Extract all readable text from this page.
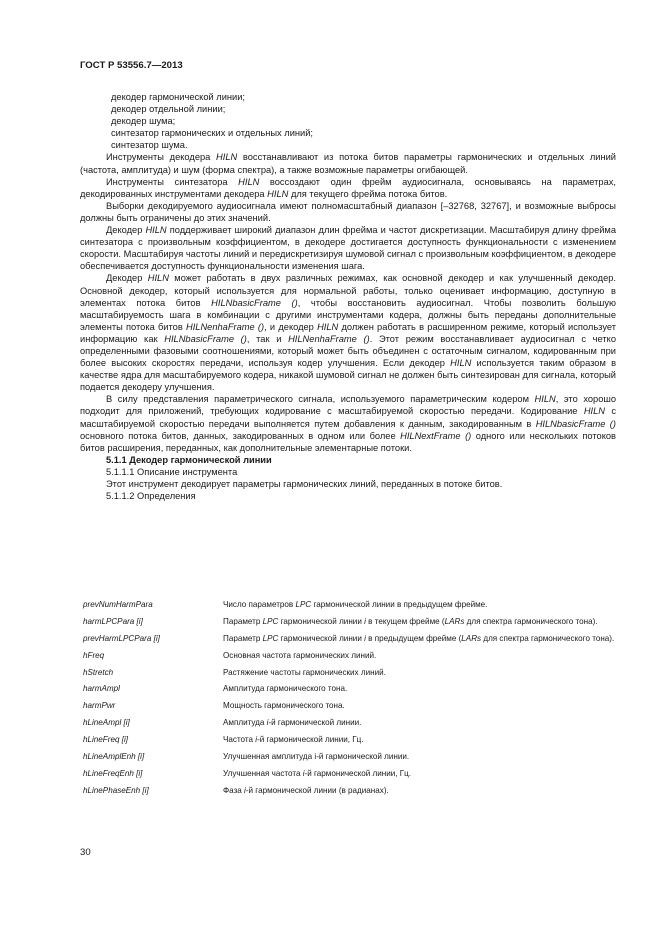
ГОСТ Р 53556.7—2013

декодер гармонической линии;

декодер отдельной линии;

декодер шума;

синтезатор гармонических и отдельных линий;

синтезатор шума.

Инструменты декодера HILN восстанавливают из потока битов параметры гармонических и отдельных линий (частота, амплитуда) и шум (форма спектра), а также возможные параметры огибающей.

Инструменты синтезатора HILN воссоздают один фрейм аудиосигнала, основываясь на параметрах, декодированных инструментами декодера HILN для текущего фрейма потока битов.

Выборки декодируемого аудиосигнала имеют полномасштабный диапазон [–32768, 32767], и возможные выбросы должны быть ограничены до этих значений.

Декодер HILN поддерживает широкий диапазон длин фрейма и частот дискретизации. Масштабируя длину фрейма синтезатора с произвольным коэффициентом, в декодере достигается доступность функциональности с изменением скорости. Масштабируя частоты линий и передискретизируя шумовой сигнал с произвольным коэффициентом, в декодере обеспечивается доступность функциональности изменения шага.

Декодер HILN может работать в двух различных режимах, как основной декодер и как улучшенный декодер. Основной декодер, который используется для нормальной работы, только оценивает информацию, доступную в элементах потока битов HILNbasicFrame (), чтобы восстановить аудиосигнал. Чтобы позволить большую масштабируемость шага в комбинации с другими инструментами кодера, должны быть переданы дополнительные элементы потока битов HILNenhaFrame (), и декодер HILN должен работать в расширенном режиме, который использует информацию как HILNbasicFrame (), так и HILNenhaFrame (). Этот режим восстанавливает аудиосигнал с четко определенными фазовыми соотношениями, который может быть объединен с остаточным сигналом, кодированным при более высоких скоростях передачи, используя кодер улучшения. Если декодер HILN используется таким образом в качестве ядра для масштабируемого кодера, никакой шумовой сигнал не должен быть синтезирован для сигнала, который подается декодеру улучшения.

В силу представления параметрического сигнала, используемого параметрическим кодером HILN, это хорошо подходит для приложений, требующих кодирование с масштабируемой скоростью передачи. Кодирование HILN с масштабируемой скоростью передачи выполняется путем добавления к данным, закодированным в HILNbasicFrame () основного потока битов, данных, закодированных в одном или более HILNextFrame () одного или нескольких потоков битов расширения, переданных, как дополнительные элементарные потоки.

5.1.1 Декодер гармонической линии

5.1.1.1 Описание инструмента

Этот инструмент декодирует параметры гармонических линий, переданных в потоке битов.

5.1.1.2 Определения

prevNumHarmPara	Число параметров LPC гармонической линии в предыдущем фрейме.
harmLPCPara [i]	Параметр LPC гармонической линии i в текущем фрейме (LARs для спектра гармонического тона).
prevHarmLPCPara [i]	Параметр LPC гармонической линии i в предыдущем фрейме (LARs для спектра гармонического тона).
hFreq	Основная частота гармонических линий.
hStretch	Растяжение частоты гармонических линий.
harmAmpl	Амплитуда гармонического тона.
harmPwr	Мощность гармонического тона.
hLineAmpl [i]	Амплитуда i-й гармонической линии.
hLineFreq [i]	Частота i-й гармонической линии, Гц.
hLineAmplEnh [i]	Улучшенная амплитуда i-й гармонической линии.
hLineFreqEnh [i]	Улучшенная частота i-й гармонической линии, Гц.
hLinePhaseEnh [i]	Фаза i-й гармонической линии (в радианах).
30
